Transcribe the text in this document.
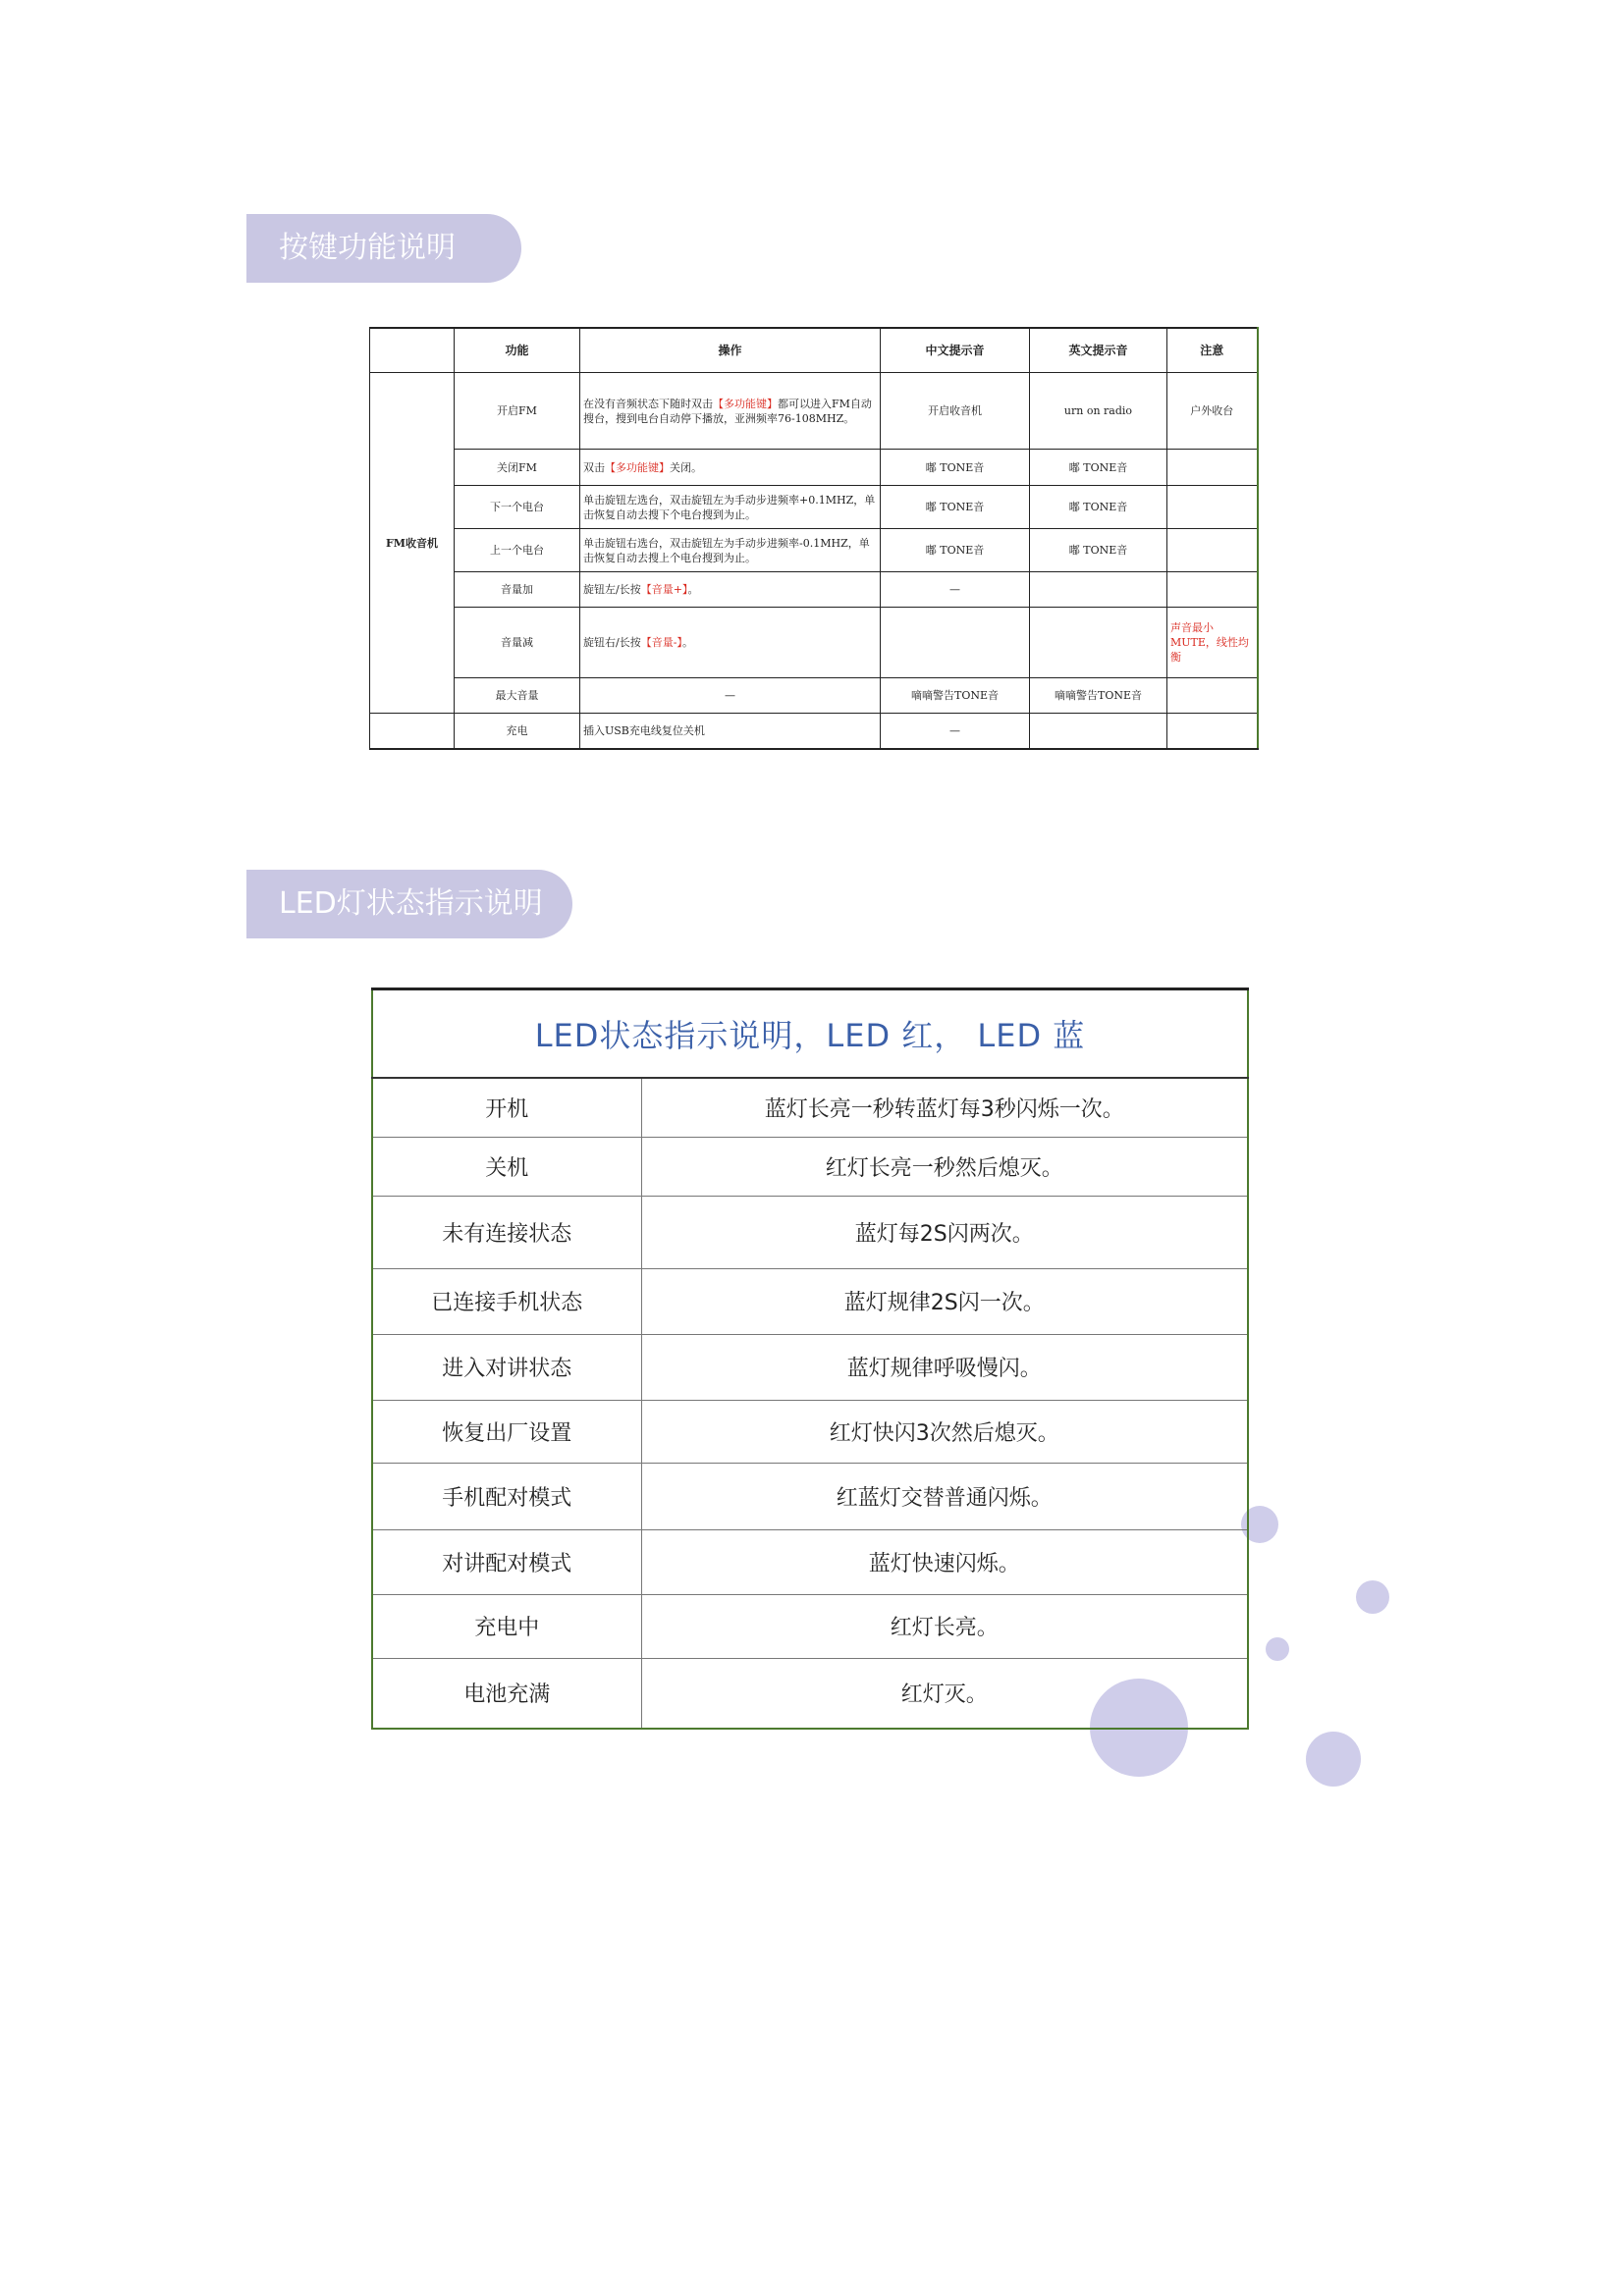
按键功能说明
	功能	操作	中文提示音	英文提示音	注意
FM收音机	开启FM	在没有音频状态下随时双击【多功能键】都可以进入FM自动搜台，搜到电台自动停下播放，亚洲频率76-108MHZ。	开启收音机	urn on radio	户外收台
	关闭FM	双击【多功能键】关闭。	嘟 TONE音	嘟 TONE音	
	下一个电台	单击旋钮左选台，双击旋钮左为手动步进频率+0.1MHZ，单击恢复自动去搜下个电台搜到为止。	嘟 TONE音	嘟 TONE音	
	上一个电台	单击旋钮右选台，双击旋钮左为手动步进频率-0.1MHZ，单击恢复自动去搜上个电台搜到为止。	嘟 TONE音	嘟 TONE音	
	音量加	旋钮左/长按【音量+】。	—		
	音量减	旋钮右/长按【音量-】。			声音最小MUTE，线性均衡
	最大音量	—	嘀嘀警告TONE音	嘀嘀警告TONE音	
	充电	插入USB充电线复位关机	—		
LED灯状态指示说明
LED状态指示说明，LED 红， LED 蓝	
开机	蓝灯长亮一秒转蓝灯每3秒闪烁一次。
关机	红灯长亮一秒然后熄灭。
未有连接状态	蓝灯每2S闪两次。
已连接手机状态	蓝灯规律2S闪一次。
进入对讲状态	蓝灯规律呼吸慢闪。
恢复出厂设置	红灯快闪3次然后熄灭。
手机配对模式	红蓝灯交替普通闪烁。
对讲配对模式	蓝灯快速闪烁。
充电中	红灯长亮。
电池充满	红灯灭。
